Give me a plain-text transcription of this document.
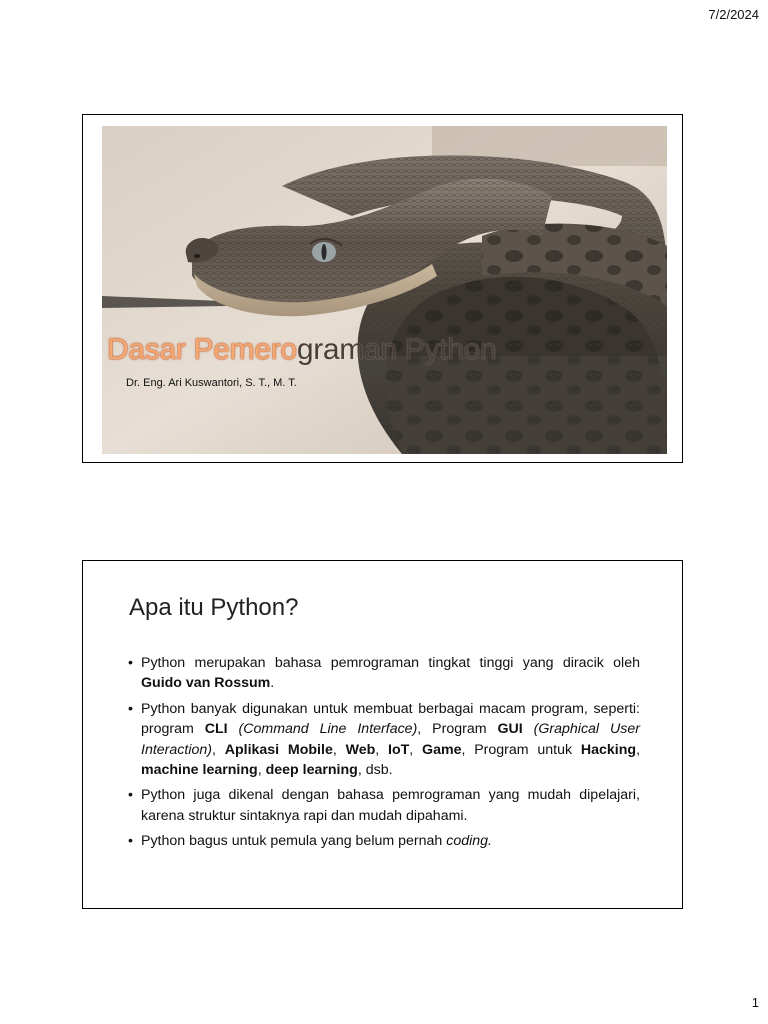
7/2/2024
Dasar Pemerograman Python
Dr. Eng. Ari Kuswantori, S. T., M. T.
Apa itu Python?
• Python merupakan bahasa pemrograman tingkat tinggi yang diracik oleh Guido van Rossum.
• Python banyak digunakan untuk membuat berbagai macam program, seperti: program CLI (Command Line Interface), Program GUI (Graphical User Interaction), Aplikasi Mobile, Web, IoT, Game, Program untuk Hacking, machine learning, deep learning, dsb.
• Python juga dikenal dengan bahasa pemrograman yang mudah dipelajari, karena struktur sintaknya rapi dan mudah dipahami.
• Python bagus untuk pemula yang belum pernah coding.
1
